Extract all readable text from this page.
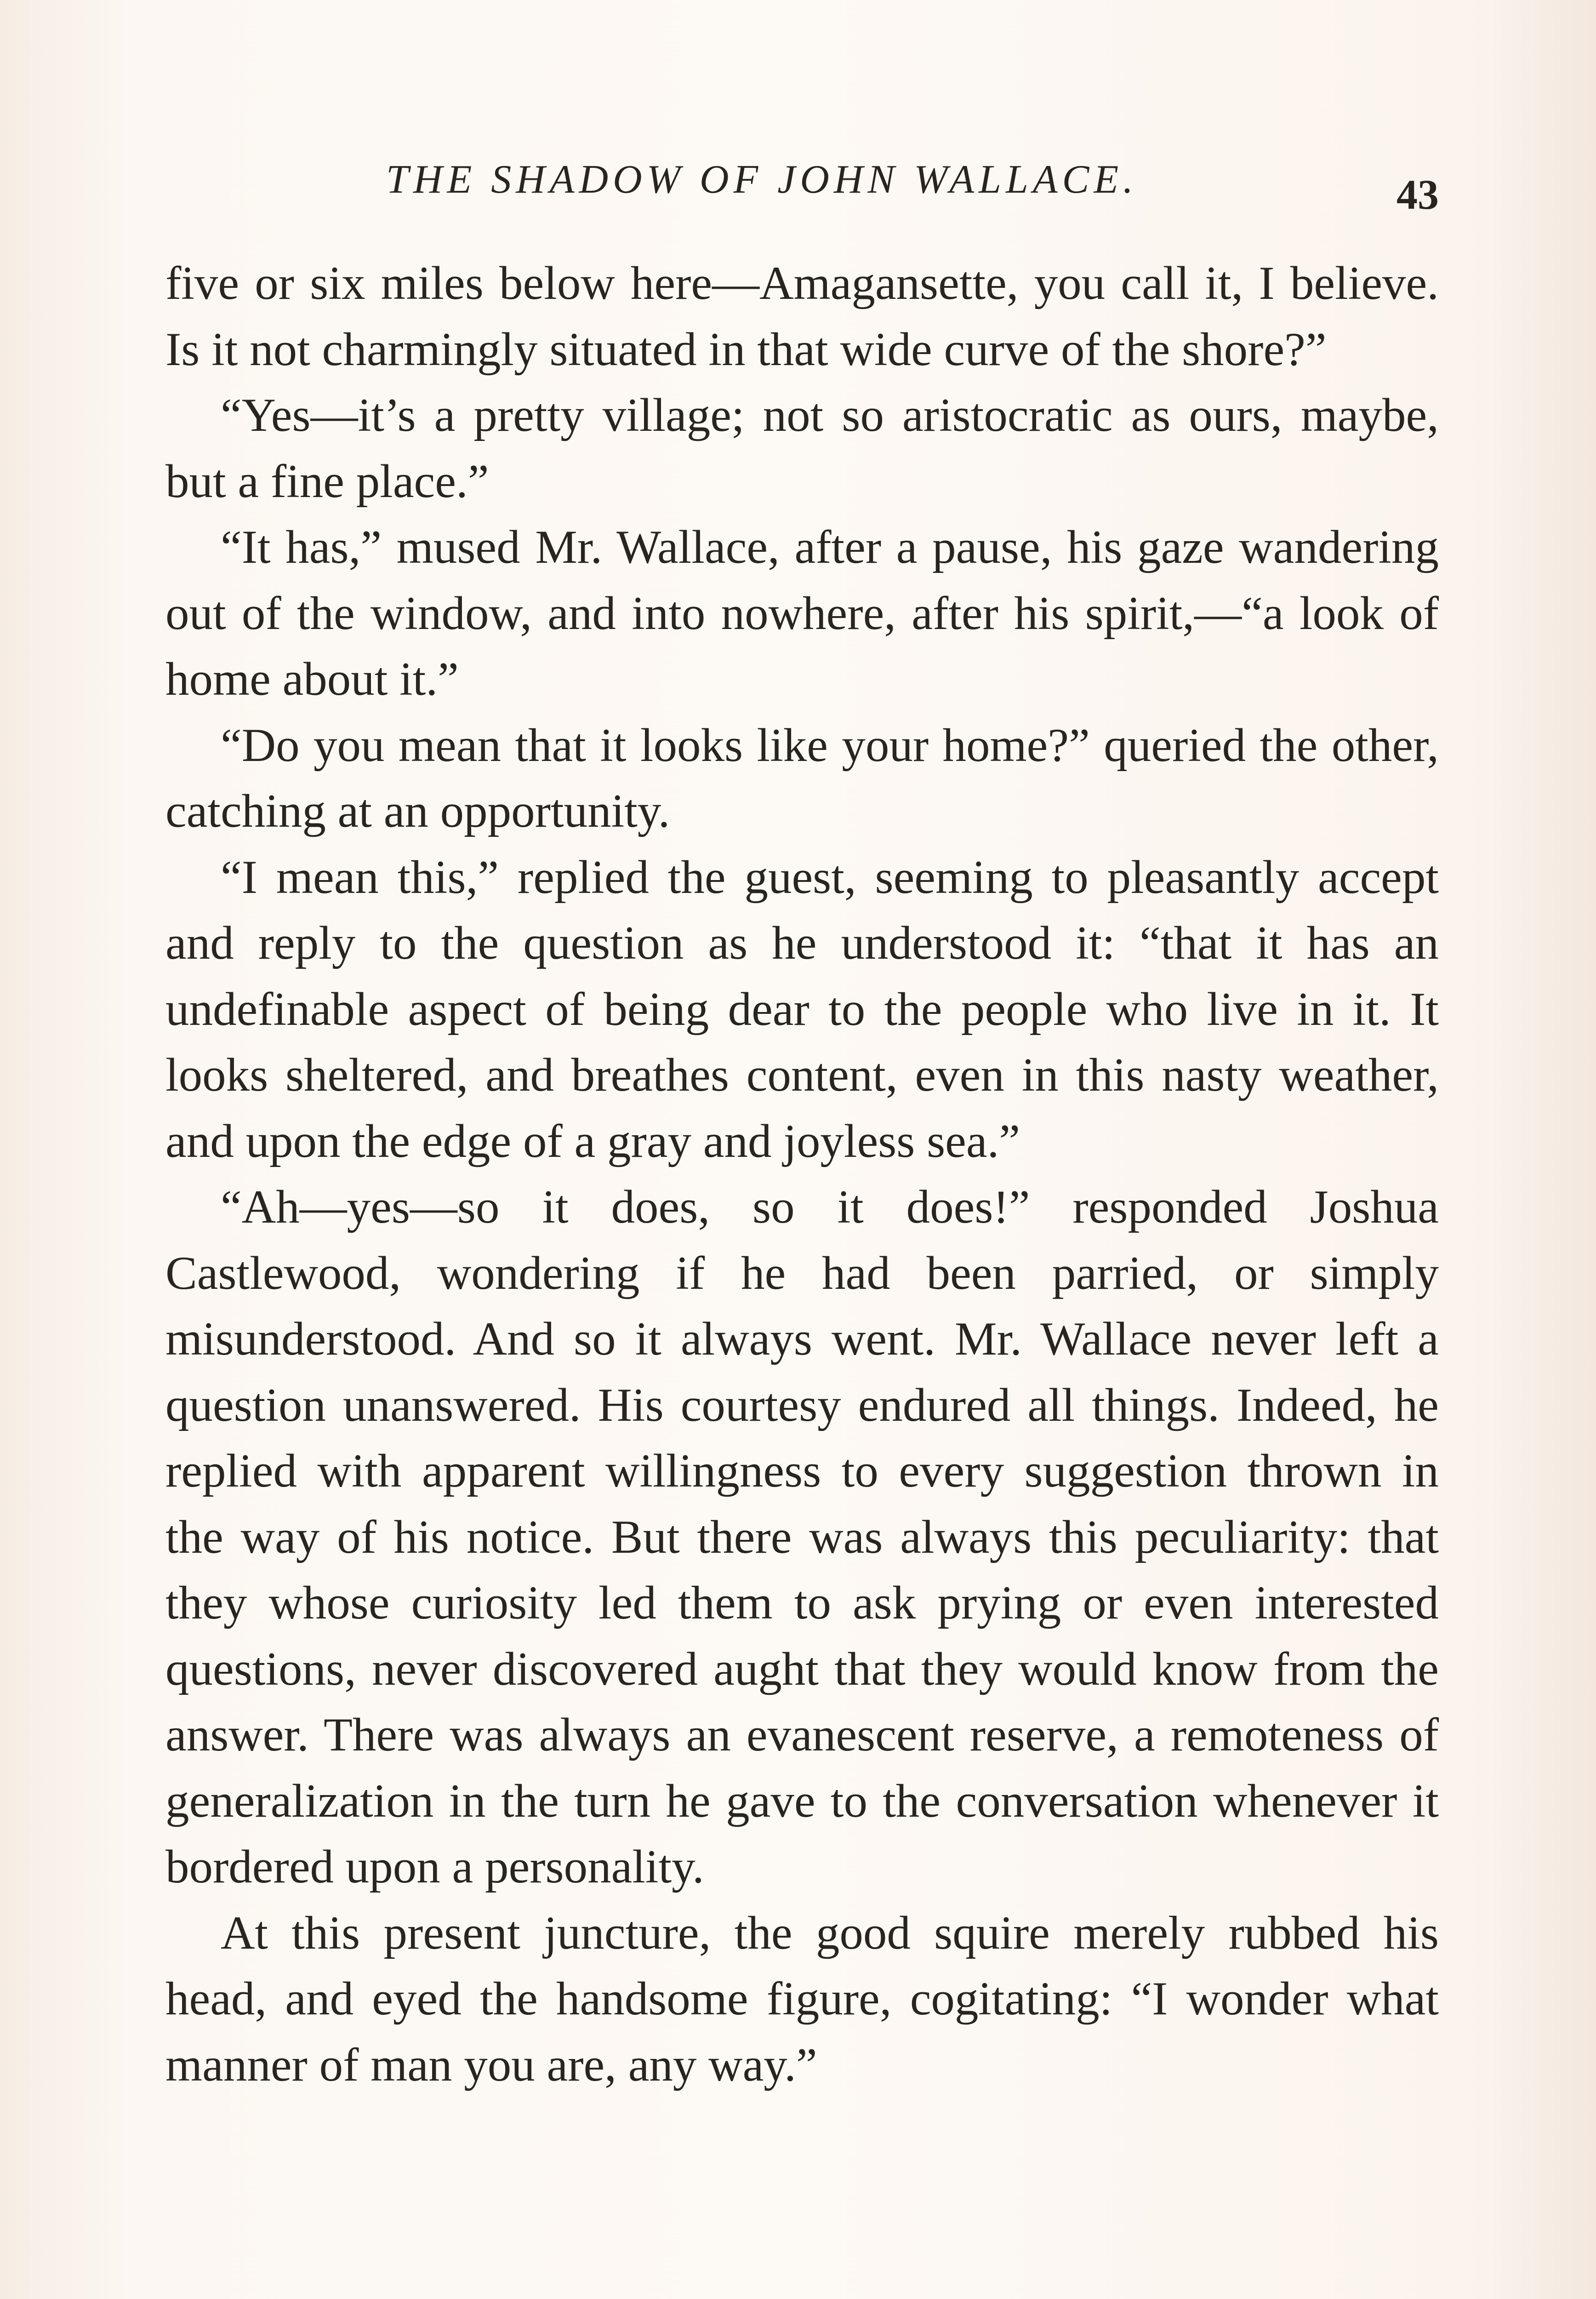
THE SHADOW OF JOHN WALLACE.	43

five or six miles below here—Amagansette, you call it, I believe. Is it not charmingly situated in that wide curve of the shore?”

“Yes—it’s a pretty village; not so aristocratic as ours, maybe, but a fine place.”

“It has,” mused Mr. Wallace, after a pause, his gaze wandering out of the window, and into nowhere, after his spirit,—“a look of home about it.”

“Do you mean that it looks like your home?” queried the other, catching at an opportunity.

“I mean this,” replied the guest, seeming to pleasantly accept and reply to the question as he understood it: “that it has an undefinable aspect of being dear to the people who live in it. It looks sheltered, and breathes content, even in this nasty weather, and upon the edge of a gray and joyless sea.”

“Ah—yes—so it does, so it does!” responded Joshua Castlewood, wondering if he had been parried, or simply misunderstood. And so it always went. Mr. Wallace never left a question unanswered. His courtesy endured all things. Indeed, he replied with apparent willingness to every suggestion thrown in the way of his notice. But there was always this peculiarity: that they whose curiosity led them to ask prying or even interested questions, never discovered aught that they would know from the answer. There was always an evanescent reserve, a remoteness of generalization in the turn he gave to the conversation whenever it bordered upon a personality.

At this present juncture, the good squire merely rubbed his head, and eyed the handsome figure, cogitating: “I wonder what manner of man you are, any way.”
